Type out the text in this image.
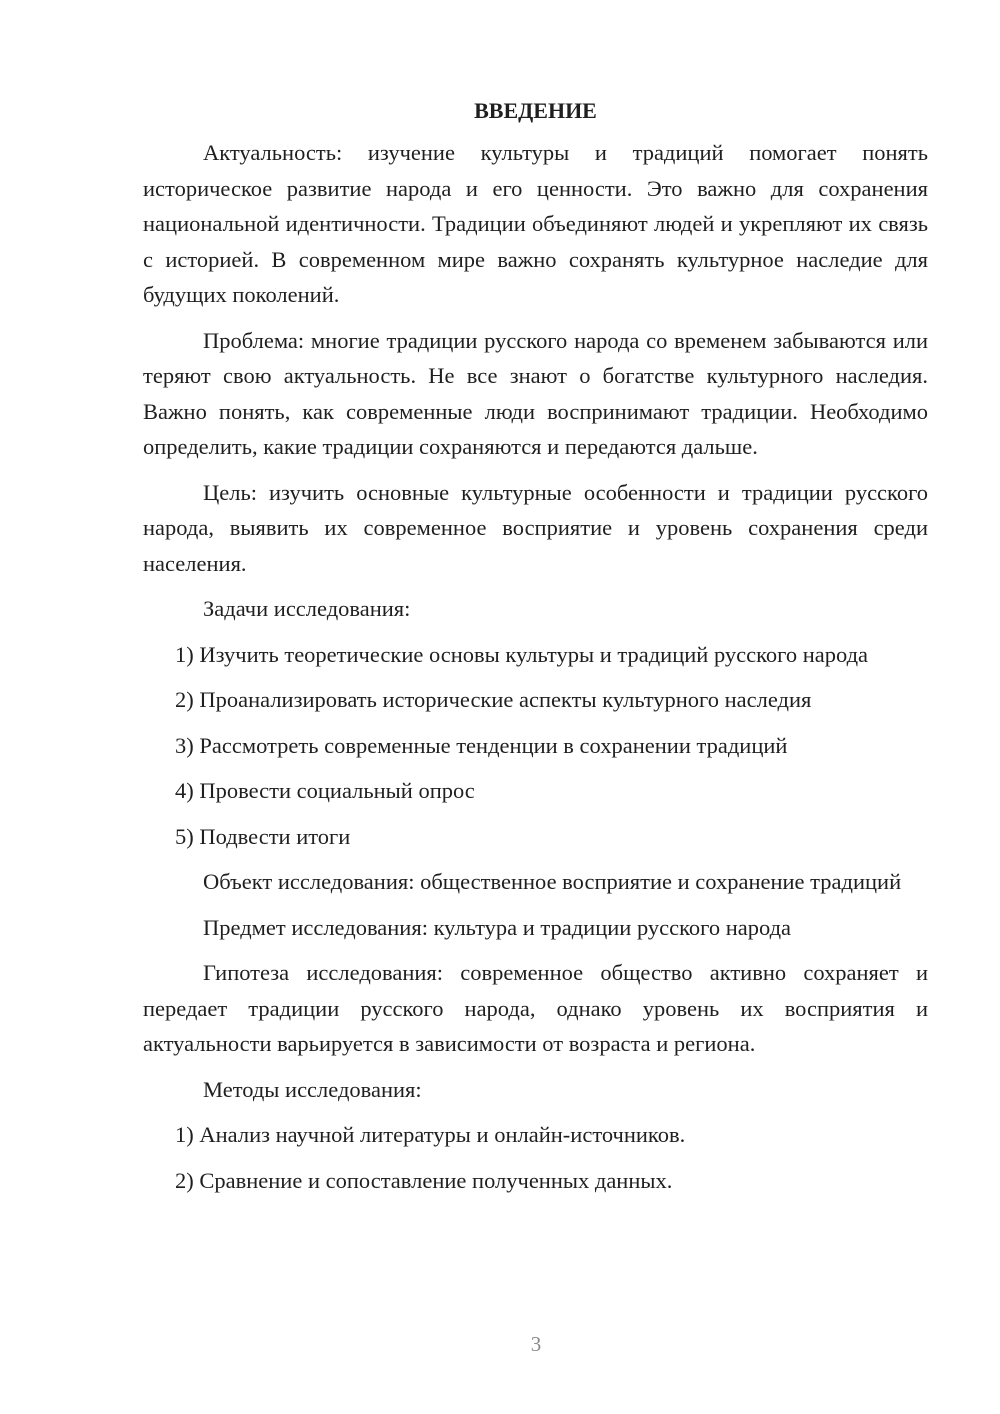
ВВЕДЕНИЕ

Актуальность: изучение культуры и традиций помогает понять историческое развитие народа и его ценности. Это важно для сохранения национальной идентичности. Традиции объединяют людей и укрепляют их связь с историей. В современном мире важно сохранять культурное наследие для будущих поколений.

Проблема: многие традиции русского народа со временем забываются или теряют свою актуальность. Не все знают о богатстве культурного наследия. Важно понять, как современные люди воспринимают традиции. Необходимо определить, какие традиции сохраняются и передаются дальше.

Цель: изучить основные культурные особенности и традиции русского народа, выявить их современное восприятие и уровень сохранения среди населения.

Задачи исследования:

1) Изучить теоретические основы культуры и традиций русского народа

2) Проанализировать исторические аспекты культурного наследия

3) Рассмотреть современные тенденции в сохранении традиций

4) Провести социальный опрос

5) Подвести итоги

Объект исследования: общественное восприятие и сохранение традиций

Предмет исследования: культура и традиции русского народа

Гипотеза исследования: современное общество активно сохраняет и передает традиции русского народа, однако уровень их восприятия и актуальности варьируется в зависимости от возраста и региона.

Методы исследования:

1) Анализ научной литературы и онлайн-источников.

2) Сравнение и сопоставление полученных данных.

3
